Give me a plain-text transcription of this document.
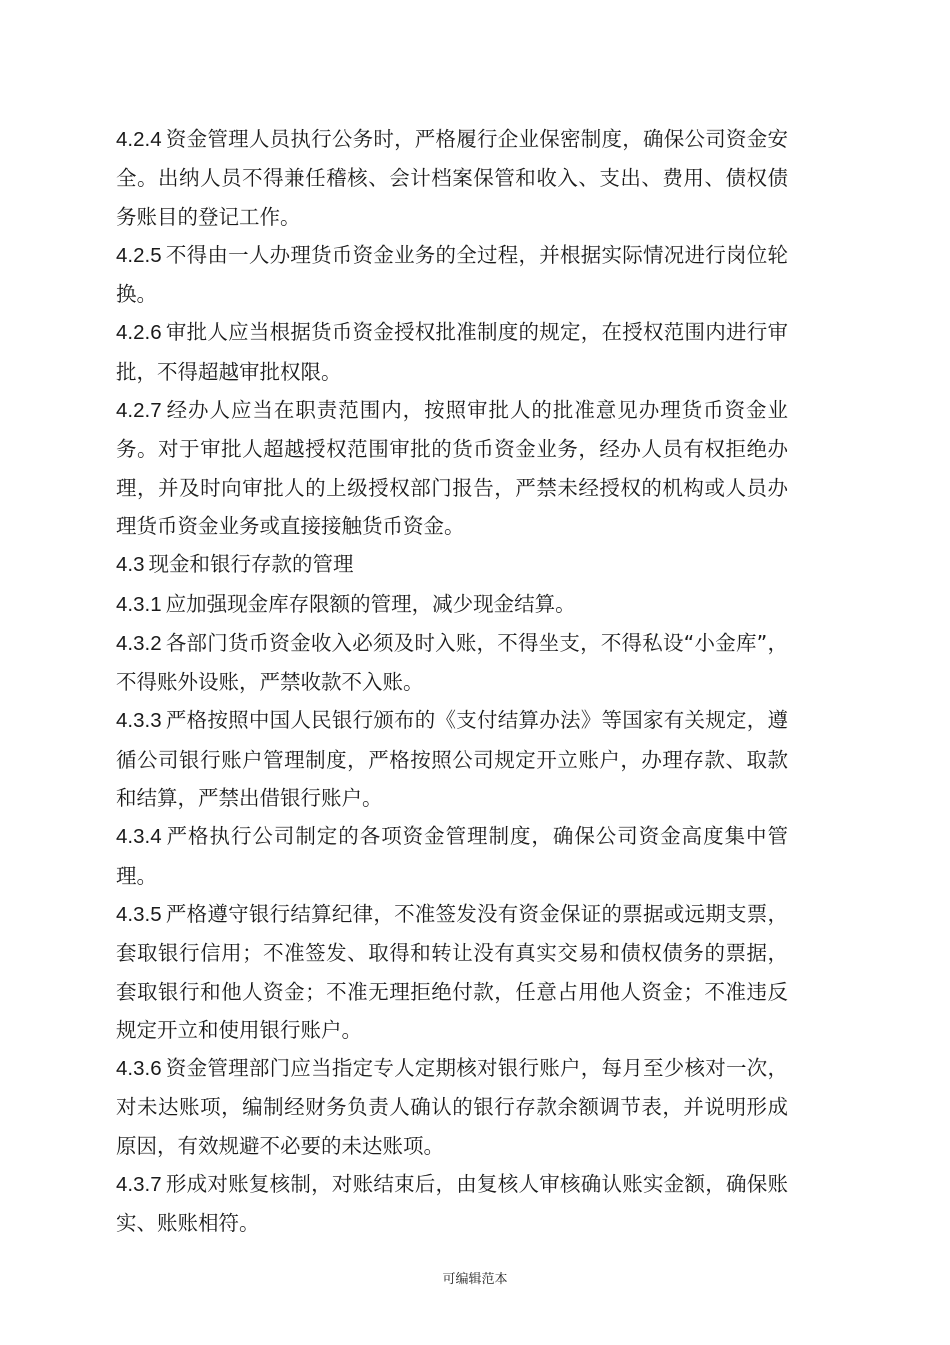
4.2.4 资金管理人员执行公务时，严格履行企业保密制度，确保公司资金安全。出纳人员不得兼任稽核、会计档案保管和收入、支出、费用、债权债务账目的登记工作。

4.2.5 不得由一人办理货币资金业务的全过程，并根据实际情况进行岗位轮换。

4.2.6 审批人应当根据货币资金授权批准制度的规定，在授权范围内进行审批，不得超越审批权限。

4.2.7 经办人应当在职责范围内，按照审批人的批准意见办理货币资金业务。对于审批人超越授权范围审批的货币资金业务，经办人员有权拒绝办理，并及时向审批人的上级授权部门报告，严禁未经授权的机构或人员办理货币资金业务或直接接触货币资金。

4.3 现金和银行存款的管理

4.3.1 应加强现金库存限额的管理，减少现金结算。

4.3.2 各部门货币资金收入必须及时入账，不得坐支，不得私设“小金库”，不得账外设账，严禁收款不入账。

4.3.3 严格按照中国人民银行颁布的《支付结算办法》等国家有关规定，遵循公司银行账户管理制度，严格按照公司规定开立账户，办理存款、取款和结算，严禁出借银行账户。

4.3.4 严格执行公司制定的各项资金管理制度，确保公司资金高度集中管理。

4.3.5 严格遵守银行结算纪律，不准签发没有资金保证的票据或远期支票，套取银行信用；不准签发、取得和转让没有真实交易和债权债务的票据，套取银行和他人资金；不准无理拒绝付款，任意占用他人资金；不准违反规定开立和使用银行账户。

4.3.6 资金管理部门应当指定专人定期核对银行账户，每月至少核对一次，对未达账项，编制经财务负责人确认的银行存款余额调节表，并说明形成原因，有效规避不必要的未达账项。

4.3.7 形成对账复核制，对账结束后，由复核人审核确认账实金额，确保账实、账账相符。

可编辑范本
